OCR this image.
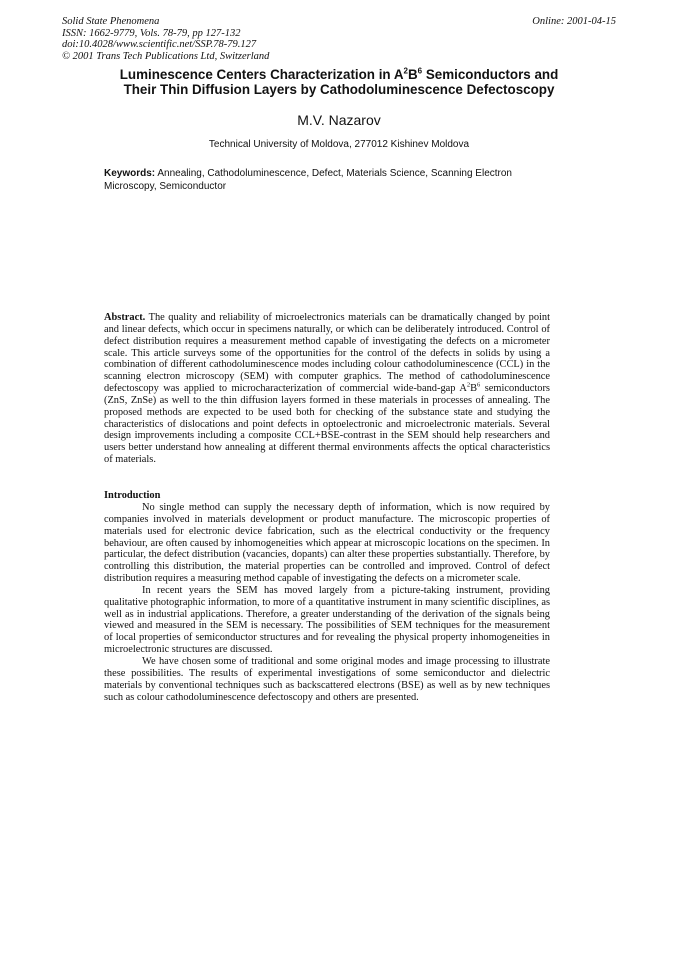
Solid State Phenomena
ISSN: 1662-9779, Vols. 78-79, pp 127-132
doi:10.4028/www.scientific.net/SSP.78-79.127
© 2001 Trans Tech Publications Ltd, Switzerland
Online: 2001-04-15
Luminescence Centers Characterization in $A^2B^6$ Semiconductors and
Their Thin Diffusion Layers by Cathodoluminescence Defectoscopy
M.V. Nazarov
Technical University of Moldova, 277012 Kishinev Moldova
Keywords: Annealing, Cathodoluminescence, Defect, Materials Science, Scanning Electron Microscopy, Semiconductor
Abstract. The quality and reliability of microelectronics materials can be dramatically changed by point and linear defects, which occur in specimens naturally, or which can be deliberately introduced. Control of defect distribution requires a measurement method capable of investigating the defects on a micrometer scale. This article surveys some of the opportunities for the control of the defects in solids by using a combination of different cathodoluminescence modes including colour cathodoluminescence (CCL) in the scanning electron microscopy (SEM) with computer graphics. The method of cathodoluminescence defectoscopy was applied to microcharacterization of commercial wide-band-gap $A^2B^6$ semiconductors (ZnS, ZnSe) as well to the thin diffusion layers formed in these materials in processes of annealing. The proposed methods are expected to be used both for checking of the substance state and studying the characteristics of dislocations and point defects in optoelectronic and microelectronic materials. Several design improvements including a composite CCL+BSE-contrast in the SEM should help researchers and users better understand how annealing at different thermal environments affects the optical characteristics of materials.
Introduction

No single method can supply the necessary depth of information, which is now required by companies involved in materials development or product manufacture. The microscopic properties of materials used for electronic device fabrication, such as the electrical conductivity or the frequency behaviour, are often caused by inhomogeneities which appear at microscopic locations on the specimen. In particular, the defect distribution (vacancies, dopants) can alter these properties substantially. Therefore, by controlling this distribution, the material properties can be controlled and improved. Control of defect distribution requires a measuring method capable of investigating the defects on a micrometer scale.

In recent years the SEM has moved largely from a picture-taking instrument, providing qualitative photographic information, to more of a quantitative instrument in many scientific disciplines, as well as in industrial applications. Therefore, a greater understanding of the derivation of the signals being viewed and measured in the SEM is necessary. The possibilities of SEM techniques for the measurement of local properties of semiconductor structures and for revealing the physical property inhomogeneities in microelectronic structures are discussed.

We have chosen some of traditional and some original modes and image processing to illustrate these possibilities. The results of experimental investigations of some semiconductor and dielectric materials by conventional techniques such as backscattered electrons (BSE) as well as by new techniques such as colour cathodoluminescence defectoscopy and others are presented.
